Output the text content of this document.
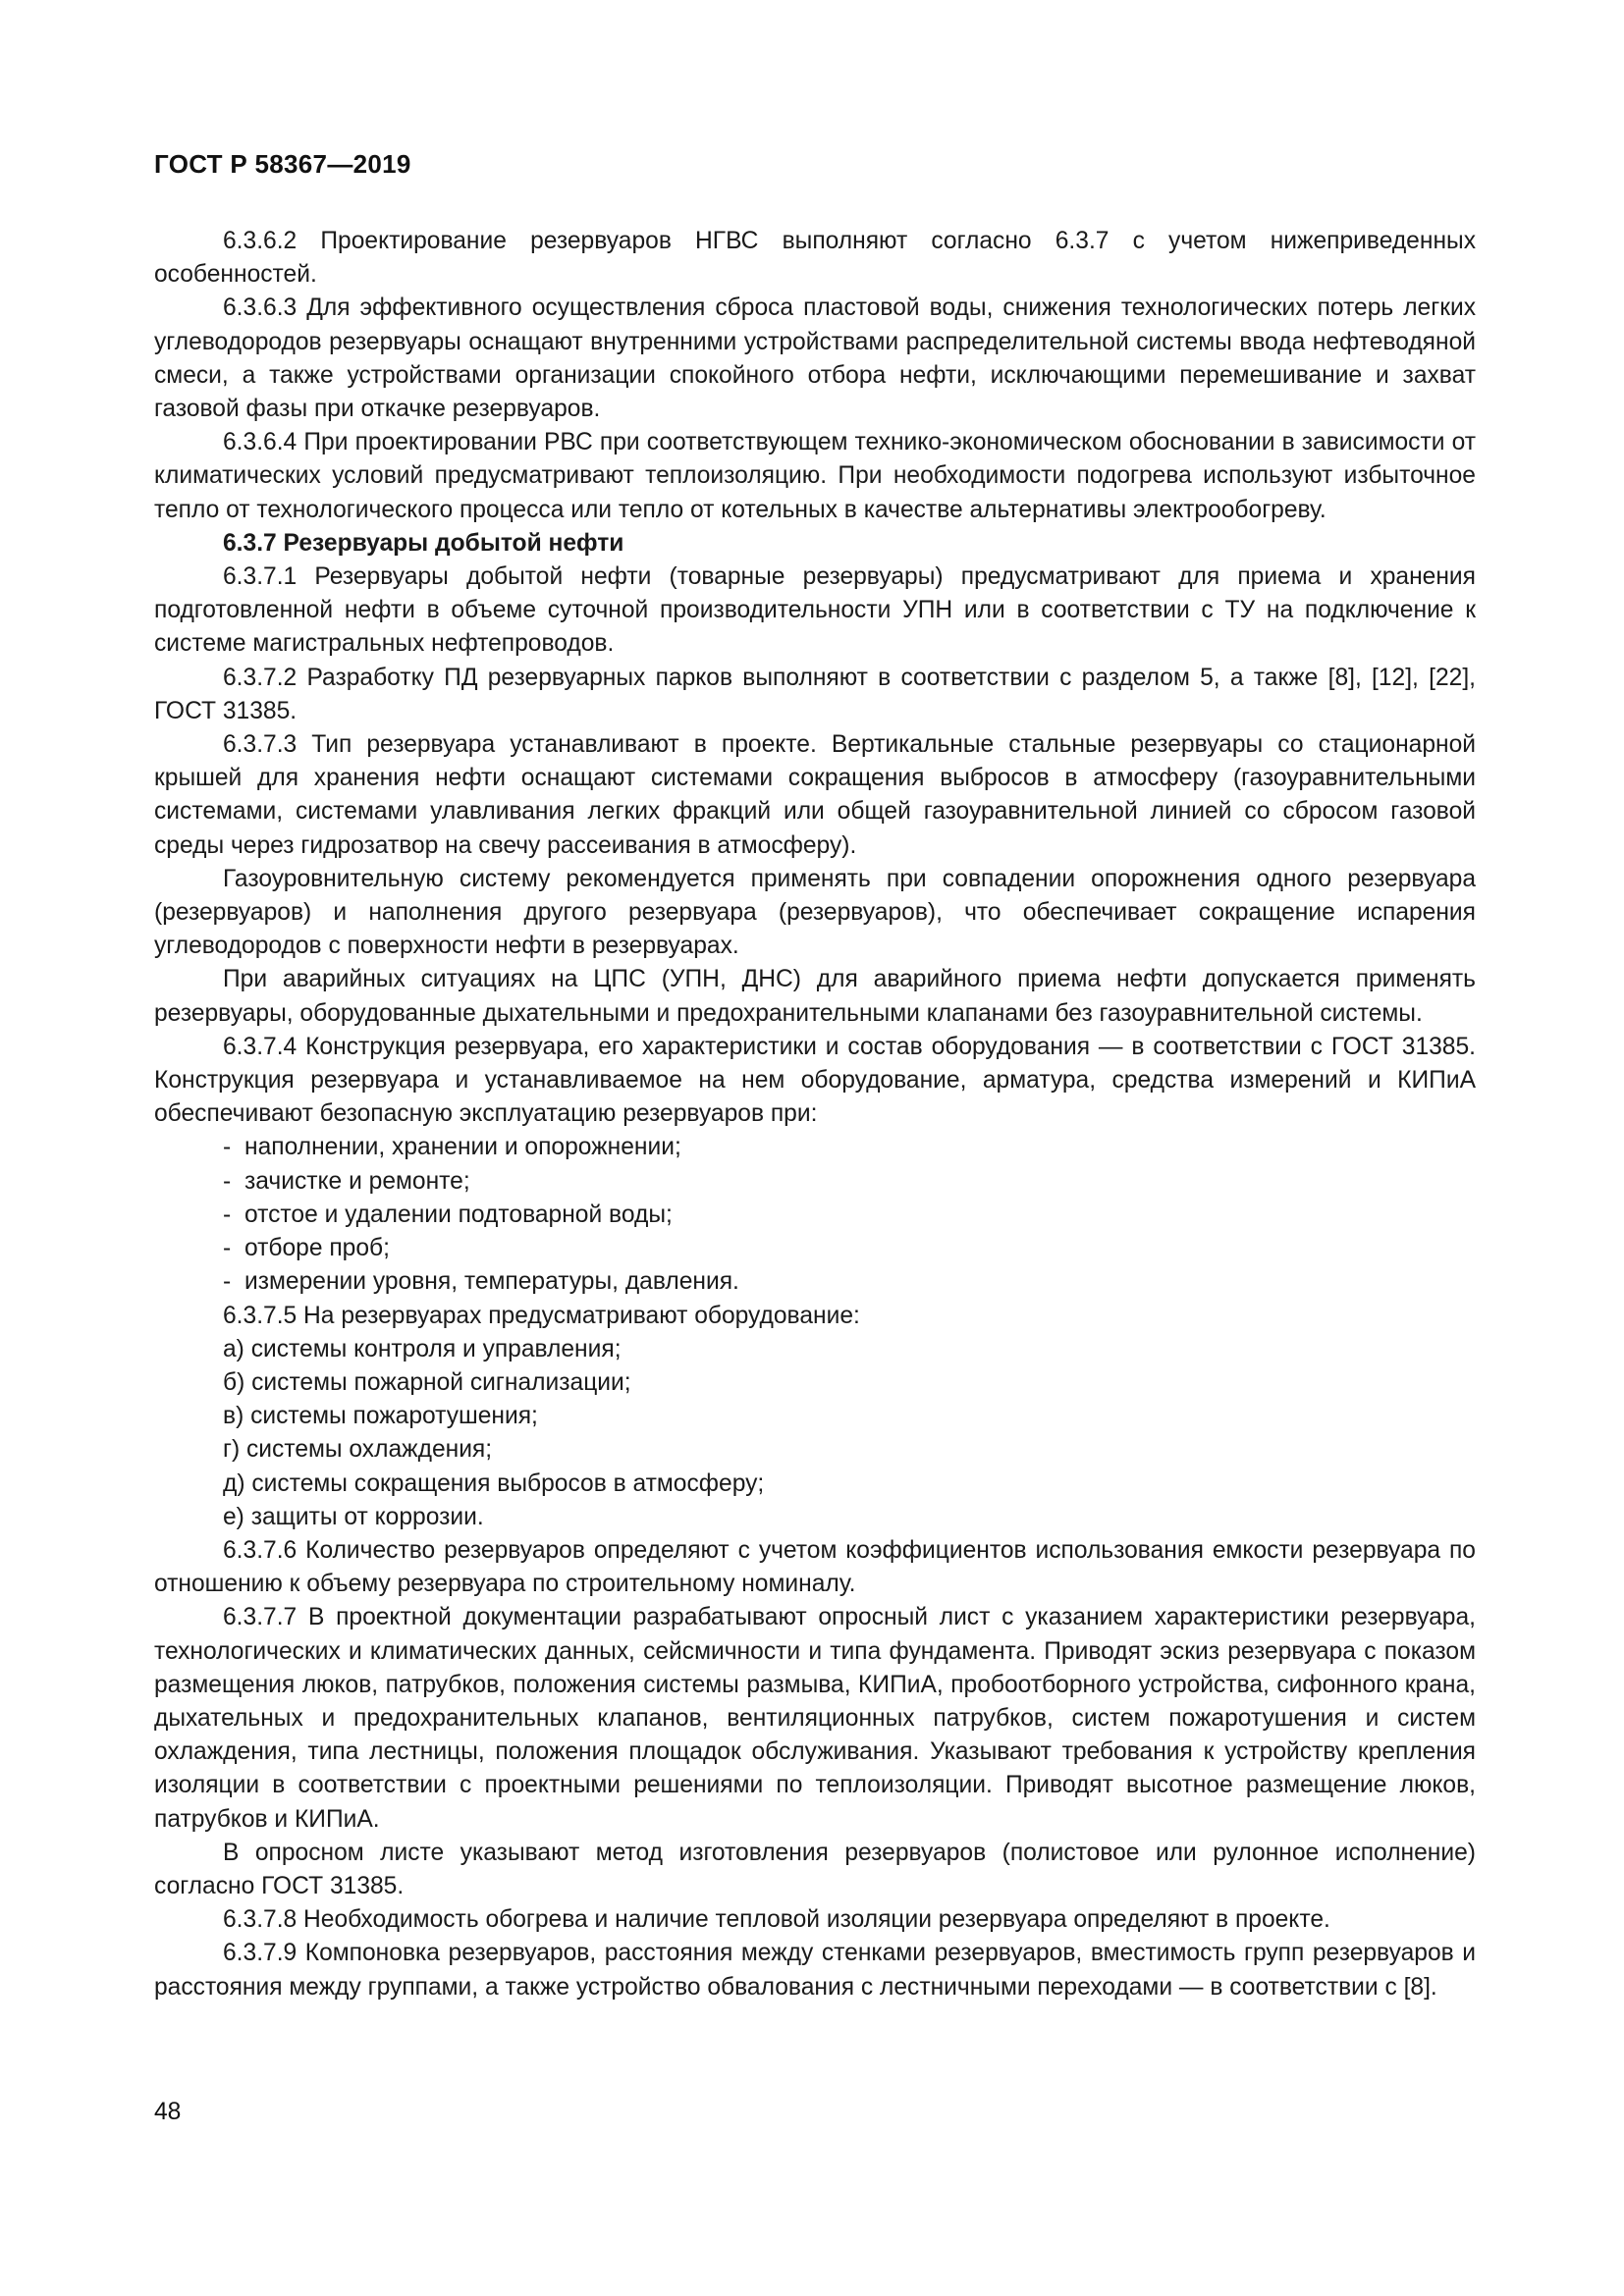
ГОСТ Р 58367—2019

6.3.6.2 Проектирование резервуаров НГВС выполняют согласно 6.3.7 с учетом нижеприведенных особенностей.

6.3.6.3 Для эффективного осуществления сброса пластовой воды, снижения технологических потерь легких углеводородов резервуары оснащают внутренними устройствами распределительной системы ввода нефтеводяной смеси, а также устройствами организации спокойного отбора нефти, исключающими перемешивание и захват газовой фазы при откачке резервуаров.

6.3.6.4 При проектировании РВС при соответствующем технико-экономическом обосновании в зависимости от климатических условий предусматривают теплоизоляцию. При необходимости подогрева используют избыточное тепло от технологического процесса или тепло от котельных в качестве альтернативы электрообогреву.

6.3.7 Резервуары добытой нефти

6.3.7.1 Резервуары добытой нефти (товарные резервуары) предусматривают для приема и хранения подготовленной нефти в объеме суточной производительности УПН или в соответствии с ТУ на подключение к системе магистральных нефтепроводов.

6.3.7.2 Разработку ПД резервуарных парков выполняют в соответствии с разделом 5, а также [8], [12], [22], ГОСТ 31385.

6.3.7.3 Тип резервуара устанавливают в проекте. Вертикальные стальные резервуары со стационарной крышей для хранения нефти оснащают системами сокращения выбросов в атмосферу (газоуравнительными системами, системами улавливания легких фракций или общей газоуравнительной линией со сбросом газовой среды через гидрозатвор на свечу рассеивания в атмосферу).

Газоуровнительную систему рекомендуется применять при совпадении опорожнения одного резервуара (резервуаров) и наполнения другого резервуара (резервуаров), что обеспечивает сокращение испарения углеводородов с поверхности нефти в резервуарах.

При аварийных ситуациях на ЦПС (УПН, ДНС) для аварийного приема нефти допускается применять резервуары, оборудованные дыхательными и предохранительными клапанами без газоуравнительной системы.

6.3.7.4 Конструкция резервуара, его характеристики и состав оборудования — в соответствии с ГОСТ 31385. Конструкция резервуара и устанавливаемое на нем оборудование, арматура, средства измерений и КИПиА обеспечивают безопасную эксплуатацию резервуаров при:

- наполнении, хранении и опорожнении;

- зачистке и ремонте;

- отстое и удалении подтоварной воды;

- отборе проб;

- измерении уровня, температуры, давления.

6.3.7.5 На резервуарах предусматривают оборудование:

а) системы контроля и управления;

б) системы пожарной сигнализации;

в) системы пожаротушения;

г) системы охлаждения;

д) системы сокращения выбросов в атмосферу;

е) защиты от коррозии.

6.3.7.6 Количество резервуаров определяют с учетом коэффициентов использования емкости резервуара по отношению к объему резервуара по строительному номиналу.

6.3.7.7 В проектной документации разрабатывают опросный лист с указанием характеристики резервуара, технологических и климатических данных, сейсмичности и типа фундамента. Приводят эскиз резервуара с показом размещения люков, патрубков, положения системы размыва, КИПиА, пробоотборного устройства, сифонного крана, дыхательных и предохранительных клапанов, вентиляционных патрубков, систем пожаротушения и систем охлаждения, типа лестницы, положения площадок обслуживания. Указывают требования к устройству крепления изоляции в соответствии с проектными решениями по теплоизоляции. Приводят высотное размещение люков, патрубков и КИПиА.

В опросном листе указывают метод изготовления резервуаров (полистовое или рулонное исполнение) согласно ГОСТ 31385.

6.3.7.8 Необходимость обогрева и наличие тепловой изоляции резервуара определяют в проекте.

6.3.7.9 Компоновка резервуаров, расстояния между стенками резервуаров, вместимость групп резервуаров и расстояния между группами, а также устройство обвалования с лестничными переходами — в соответствии с [8].

48
